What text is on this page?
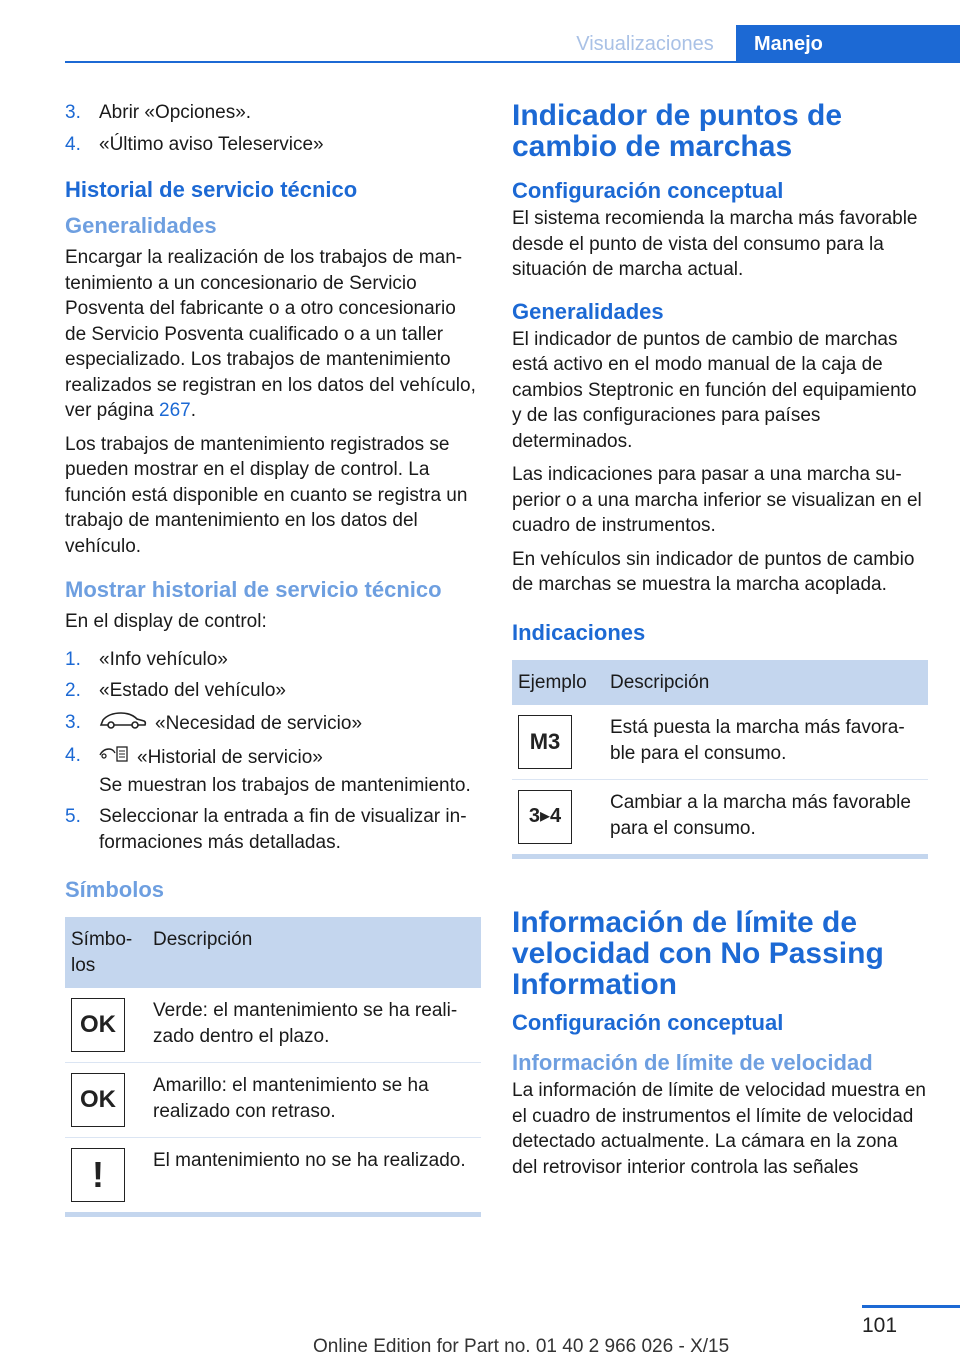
Visualizaciones	Manejo
3. Abrir «Opciones».
4. «Último aviso Teleservice»
Historial de servicio técnico
Generalidades

Encargar la realización de los trabajos de mantenimiento a un concesionario de Servicio Posventa del fabricante o a otro concesionario de Servicio Posventa cualificado o a un taller especializado. Los trabajos de mantenimiento realizados se registran en los datos del vehículo, ver página 267.

Los trabajos de mantenimiento registrados se pueden mostrar en el display de control. La función está disponible en cuanto se registra un trabajo de mantenimiento en los datos del vehículo.

Mostrar historial de servicio técnico

En el display de control:

1. «Info vehículo»
2. «Estado del vehículo»
3.	«Necesidad de servicio»
4.	«Historial de servicio»
Se muestran los trabajos de mantenimiento.
5. Seleccionar la entrada a fin de visualizar informaciones más detalladas.
Símbolos
Símbolos	Descripción

OK	Verde: el mantenimiento se ha realizado dentro el plazo.

OK	Amarillo: el mantenimiento se ha realizado con retraso.

!	El mantenimiento no se ha realizado.
Indicador de puntos de cambio de marchas
Configuración conceptual

El sistema recomienda la marcha más favorable desde el punto de vista del consumo para la situación de marcha actual.

Generalidades

El indicador de puntos de cambio de marchas está activo en el modo manual de la caja de cambios Steptronic en función del equipamiento y de las configuraciones para países determinados.

Las indicaciones para pasar a una marcha superior o a una marcha inferior se visualizan en el cuadro de instrumentos.

En vehículos sin indicador de puntos de cambio de marchas se muestra la marcha acoplada.

Indicaciones
Ejemplo	Descripción

M3	Está puesta la marcha más favorable para el consumo.

3▸4	Cambiar a la marcha más favorable para el consumo.
Información de límite de velocidad con No Passing Information
Configuración conceptual
Información de límite de velocidad

La información de límite de velocidad muestra en el cuadro de instrumentos el límite de velocidad detectado actualmente. La cámara en la zona del retrovisor interior controla las señales

101
Online Edition for Part no. 01 40 2 966 026 - X/15
